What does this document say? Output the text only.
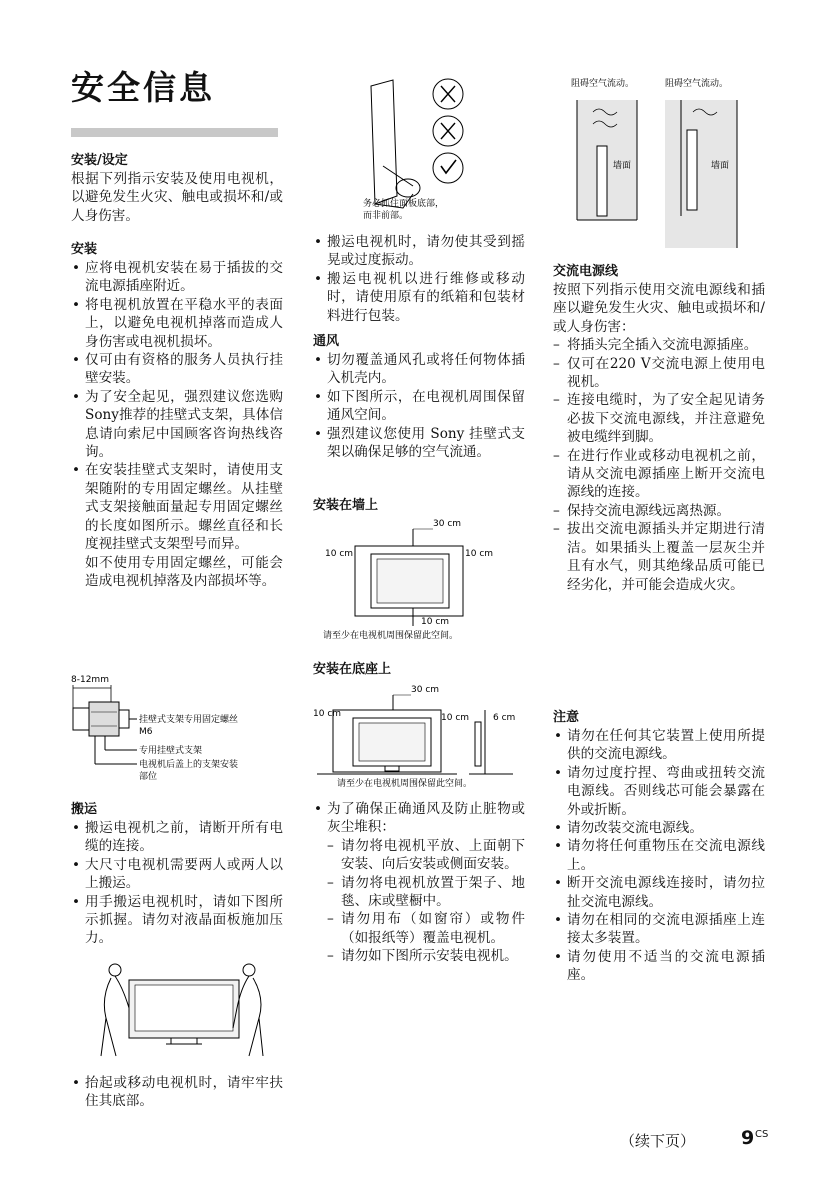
安全信息
安装/设定
根据下列指示安装及使用电视机，以避免发生火灾、触电或损坏和/或人身伤害。
安装
• 应将电视机安装在易于插拔的交流电源插座附近。
• 将电视机放置在平稳水平的表面上，以避免电视机掉落而造成人身伤害或电视机损坏。
• 仅可由有资格的服务人员执行挂壁安装。
• 为了安全起见，强烈建议您选购Sony推荐的挂壁式支架，具体信息请向索尼中国顾客咨询热线咨询。
• 在安装挂壁式支架时，请使用支架随附的专用固定螺丝。从挂壁式支架接触面量起专用固定螺丝的长度如图所示。螺丝直径和长度视挂壁式支架型号而异。
如不使用专用固定螺丝，可能会造成电视机掉落及内部损坏等。
8-12mm
挂壁式支架专用固定螺丝
M6
专用挂壁式支架
电视机后盖上的支架安装
部位
搬运
• 搬运电视机之前，请断开所有电缆的连接。
• 大尺寸电视机需要两人或两人以上搬运。
• 用手搬运电视机时，请如下图所示抓握。请勿对液晶面板施加压力。
• 抬起或移动电视机时，请牢牢扶住其底部。
务必抓住面板底部，
而非前部。
• 搬运电视机时，请勿使其受到摇晃或过度振动。
• 搬运电视机以进行维修或移动时，请使用原有的纸箱和包装材料进行包装。
通风
• 切勿覆盖通风孔或将任何物体插入机壳内。
• 如下图所示，在电视机周围保留通风空间。
• 强烈建议您使用 Sony 挂壁式支架以确保足够的空气流通。
安装在墙上
30 cm
10 cm	10 cm
10 cm
请至少在电视机周围保留此空间。
安装在底座上
30 cm
10 cm	10 cm	6 cm
请至少在电视机周围保留此空间。
• 为了确保正确通风及防止脏物或灰尘堆积：
– 请勿将电视机平放、上面朝下安装、向后安装或侧面安装。
– 请勿将电视机放置于架子、地毯、床或壁橱中。
– 请勿用布（如窗帘）或物件（如报纸等）覆盖电视机。
– 请勿如下图所示安装电视机。
阻碍空气流动。	阻碍空气流动。
墙面	墙面
交流电源线
按照下列指示使用交流电源线和插座以避免发生火灾、触电或损坏和/或人身伤害：
– 将插头完全插入交流电源插座。
– 仅可在220 V交流电源上使用电视机。
– 连接电缆时，为了安全起见请务必拔下交流电源线，并注意避免被电缆绊到脚。
– 在进行作业或移动电视机之前，请从交流电源插座上断开交流电源线的连接。
– 保持交流电源线远离热源。
– 拔出交流电源插头并定期进行清洁。如果插头上覆盖一层灰尘并且有水气，则其绝缘品质可能已经劣化，并可能会造成火灾。
注意
• 请勿在任何其它装置上使用所提供的交流电源线。
• 请勿过度拧捏、弯曲或扭转交流电源线。否则线芯可能会暴露在外或折断。
• 请勿改装交流电源线。
• 请勿将任何重物压在交流电源线上。
• 断开交流电源线连接时，请勿拉扯交流电源线。
• 请勿在相同的交流电源插座上连接太多装置。
• 请勿使用不适当的交流电源插座。
（续下页） 9 CS
